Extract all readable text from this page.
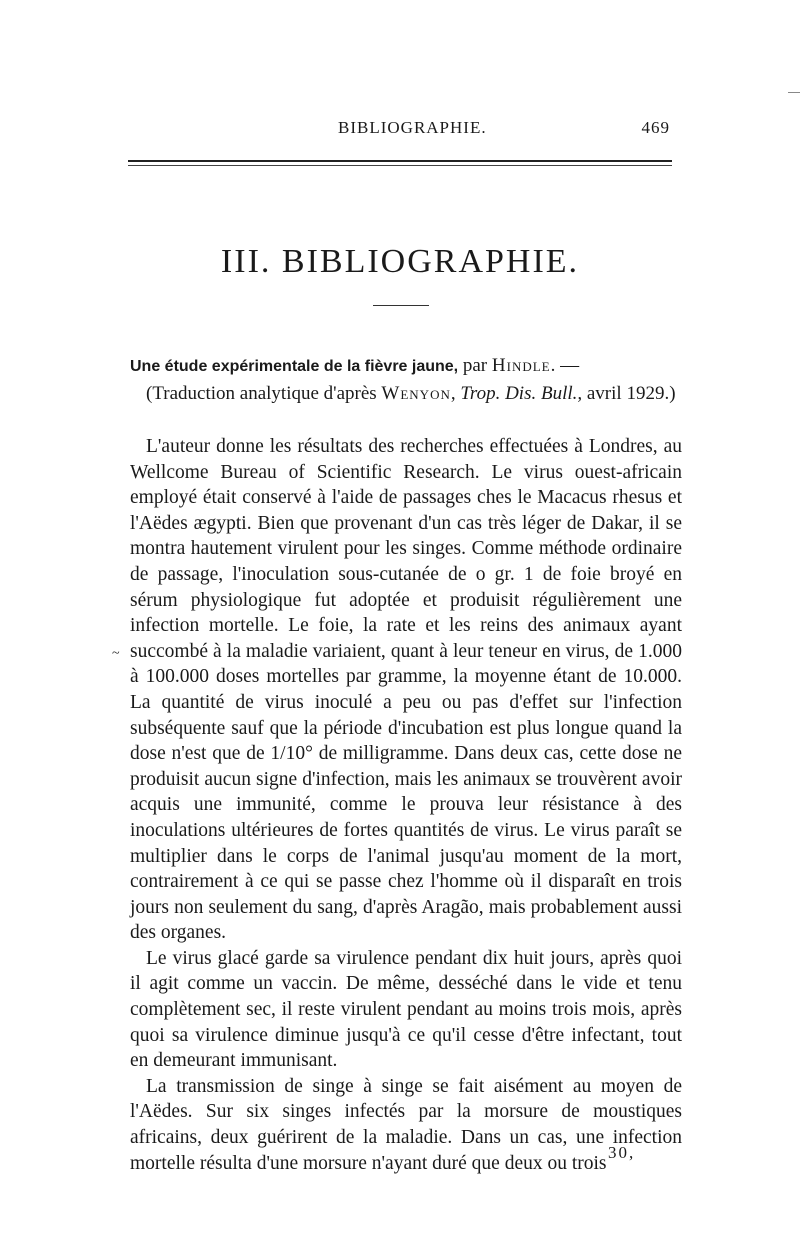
BIBLIOGRAPHIE.	469
III. BIBLIOGRAPHIE.
~
Une étude expérimentale de la fièvre jaune, par Hindle. —
(Traduction analytique d'après Wenyon, Trop. Dis. Bull., avril 1929.)

L'auteur donne les résultats des recherches effectuées à Londres, au Wellcome Bureau of Scientific Research. Le virus ouest-africain employé était conservé à l'aide de passages ches le Macacus rhesus et l'Aëdes ægypti. Bien que provenant d'un cas très léger de Dakar, il se montra hautement virulent pour les singes. Comme méthode ordinaire de passage, l'inoculation sous-cutanée de o gr. 1 de foie broyé en sérum physiologique fut adoptée et produisit régulièrement une infection mortelle. Le foie, la rate et les reins des animaux ayant succombé à la maladie variaient, quant à leur teneur en virus, de 1.000 à 100.000 doses mortelles par gramme, la moyenne étant de 10.000. La quantité de virus inoculé a peu ou pas d'effet sur l'infection subséquente sauf que la période d'incubation est plus longue quand la dose n'est que de 1/10° de milligramme. Dans deux cas, cette dose ne produisit aucun signe d'infection, mais les animaux se trouvèrent avoir acquis une immunité, comme le prouva leur résistance à des inoculations ultérieures de fortes quantités de virus. Le virus paraît se multiplier dans le corps de l'animal jusqu'au moment de la mort, contrairement à ce qui se passe chez l'homme où il disparaît en trois jours non seulement du sang, d'après Aragão, mais probablement aussi des organes.

Le virus glacé garde sa virulence pendant dix huit jours, après quoi il agit comme un vaccin. De même, desséché dans le vide et tenu complètement sec, il reste virulent pendant au moins trois mois, après quoi sa virulence diminue jusqu'à ce qu'il cesse d'être infectant, tout en demeurant immunisant.

La transmission de singe à singe se fait aisément au moyen de l'Aëdes. Sur six singes infectés par la morsure de moustiques africains, deux guérirent de la maladie. Dans un cas, une infection mortelle résulta d'une morsure n'ayant duré que deux ou trois

30,
